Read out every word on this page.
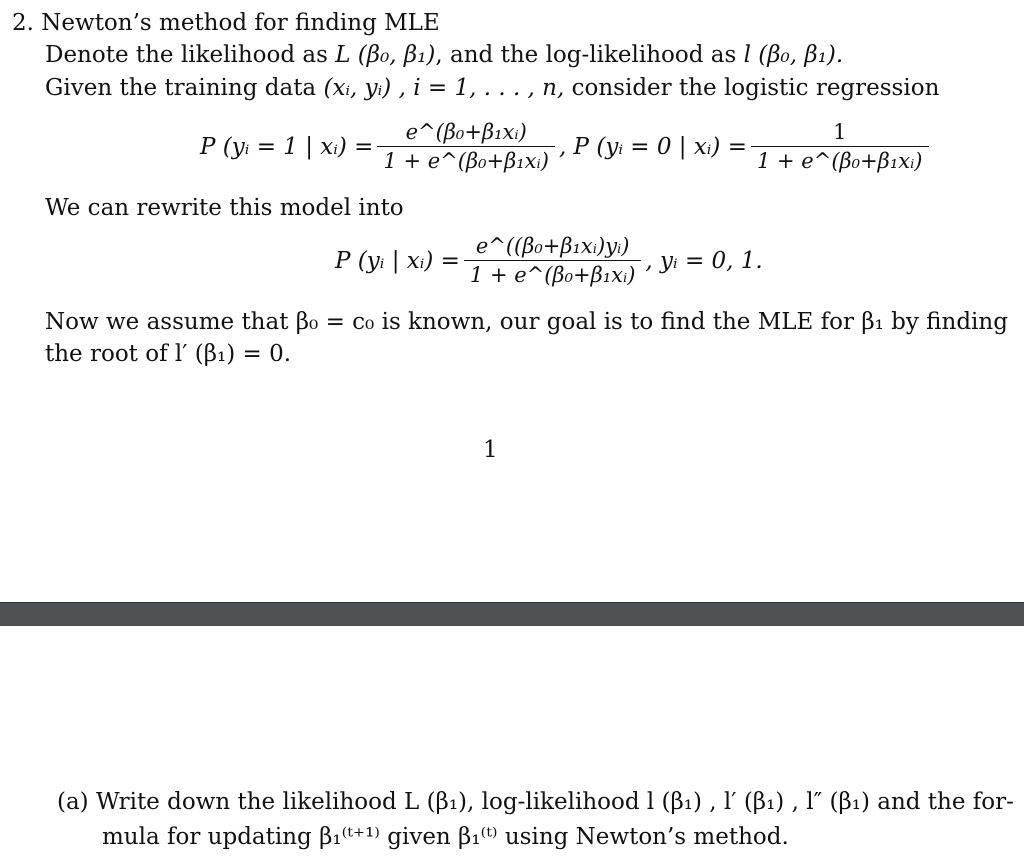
2. Newton’s method for finding MLE
Denote the likelihood as L (β₀, β₁), and the log-likelihood as l (β₀, β₁).
Given the training data (xᵢ, yᵢ) , i = 1, . . . , n, consider the logistic regression
P (yᵢ = 1 | xᵢ) = $\frac{\text{e\textasciicircum{}(β₀+β₁xᵢ)}}{\text{1 + e\textasciicircum{}(β₀+β₁xᵢ)}}$ , P (yᵢ = 0 | xᵢ) = $\frac{1}{\text{1 + e\textasciicircum{}(β₀+β₁xᵢ)}}$
We can rewrite this model into
P (yᵢ | xᵢ) = $\frac{\text{e\textasciicircum{}((β₀+β₁xᵢ)yᵢ)}}{\text{1 + e\textasciicircum{}(β₀+β₁xᵢ)}}$ , yᵢ = 0, 1.
Now we assume that β₀ = c₀ is known, our goal is to find the MLE for β₁ by finding
the root of l′ (β₁) = 0.
1
(a) Write down the likelihood L (β₁), log-likelihood l (β₁) , l′ (β₁) , l″ (β₁) and the for-
mula for updating β₁⁽ᵗ⁺¹⁾ given β₁⁽ᵗ⁾ using Newton’s method.
